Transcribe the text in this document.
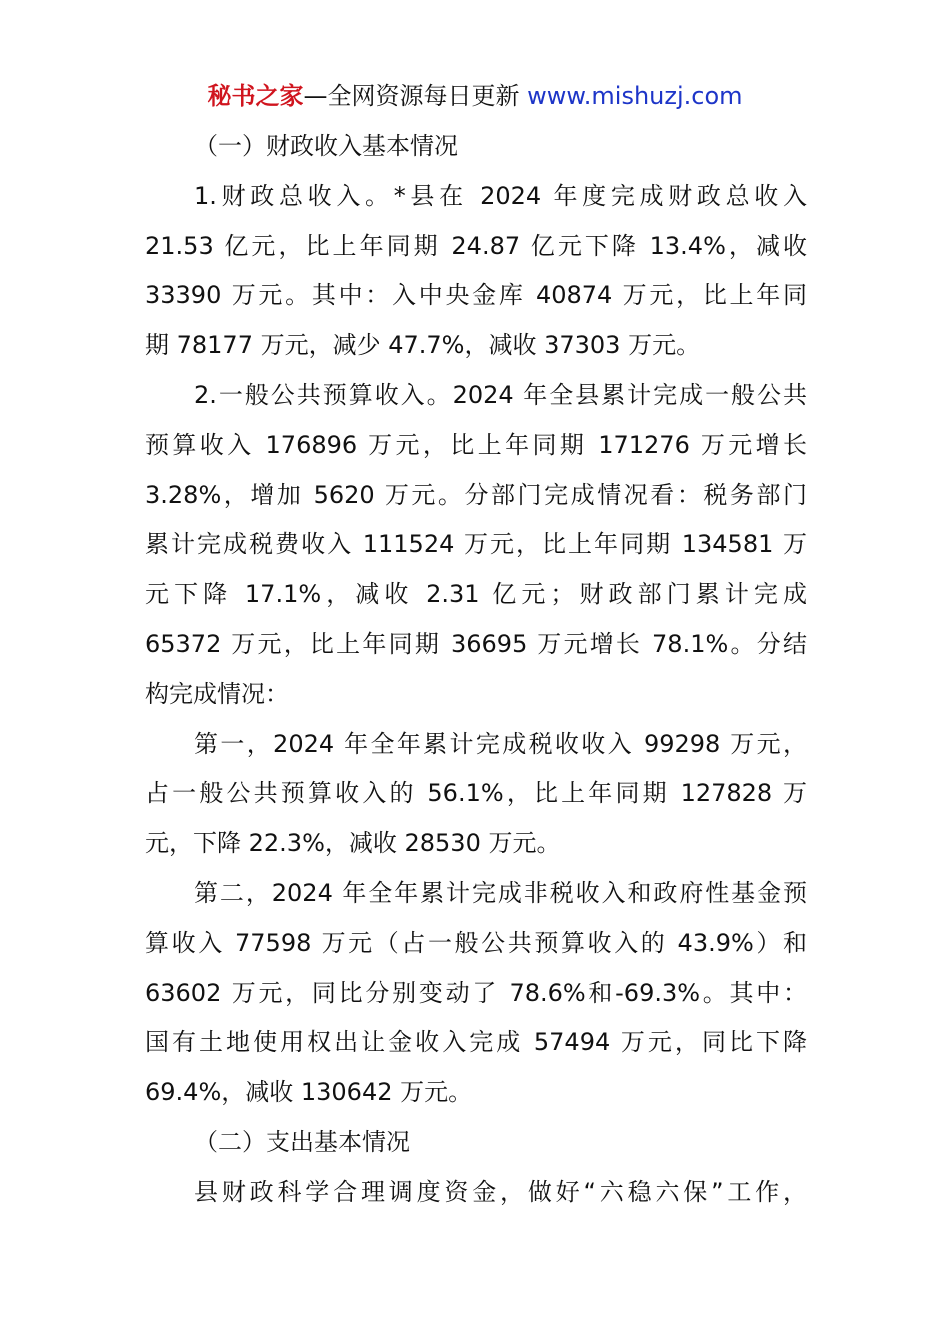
秘书之家—全网资源每日更新 www.mishuzj.com
（一）财政收入基本情况
1.财政总收入。*县在 2024 年度完成财政总收入
21.53 亿元，比上年同期 24.87 亿元下降 13.4%，减收
33390 万元。其中：入中央金库 40874 万元，比上年同
期 78177 万元，减少 47.7%，减收 37303 万元。
2.一般公共预算收入。2024 年全县累计完成一般公共
预算收入 176896 万元，比上年同期 171276 万元增长
3.28%，增加 5620 万元。分部门完成情况看：税务部门
累计完成税费收入 111524 万元，比上年同期 134581 万
元下降 17.1%，减收 2.31 亿元；财政部门累计完成
65372 万元，比上年同期 36695 万元增长 78.1%。分结
构完成情况：
第一，2024 年全年累计完成税收收入 99298 万元，
占一般公共预算收入的 56.1%，比上年同期 127828 万
元，下降 22.3%，减收 28530 万元。
第二，2024 年全年累计完成非税收入和政府性基金预
算收入 77598 万元（占一般公共预算收入的 43.9%）和
63602 万元，同比分别变动了 78.6%和-69.3%。其中：
国有土地使用权出让金收入完成 57494 万元，同比下降
69.4%，减收 130642 万元。
（二）支出基本情况
县财政科学合理调度资金，做好“六稳六保”工作，
